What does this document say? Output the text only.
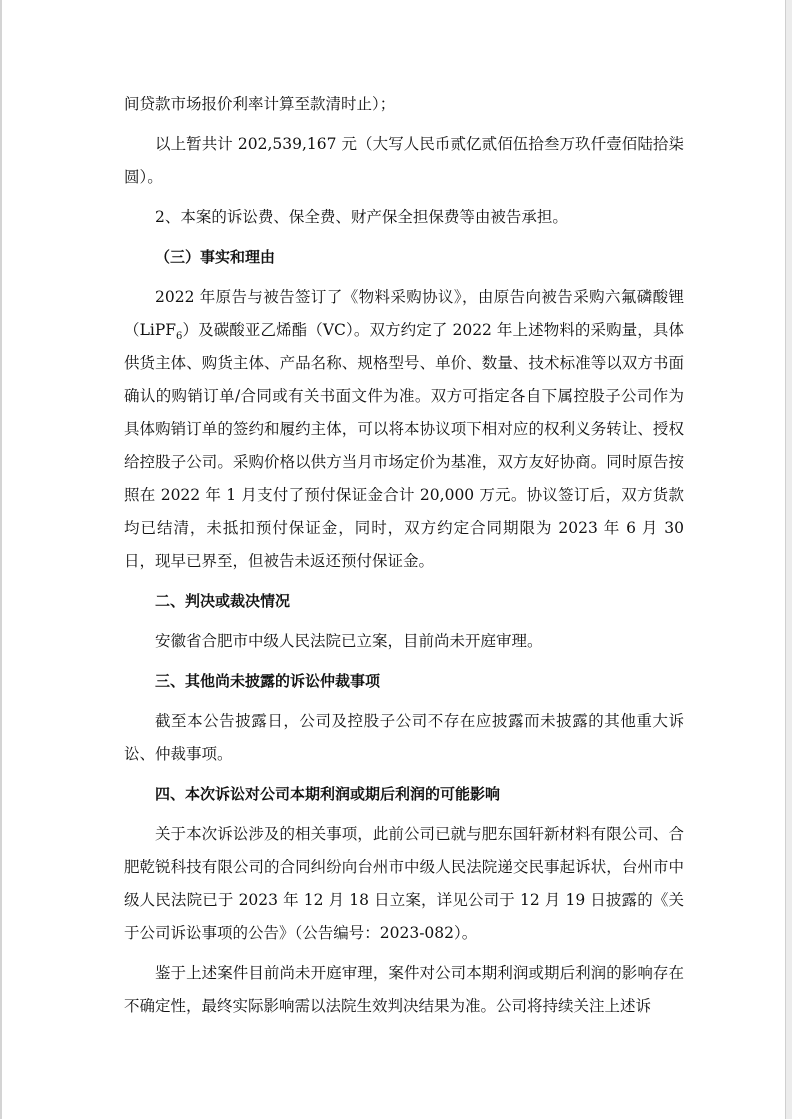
间贷款市场报价利率计算至款清时止）；

以上暂共计 202,539,167 元（大写人民币贰亿贰佰伍拾叁万玖仟壹佰陆拾柒圆）。

2、本案的诉讼费、保全费、财产保全担保费等由被告承担。

（三）事实和理由

2022 年原告与被告签订了《物料采购协议》，由原告向被告采购六氟磷酸锂（LiPF$_6$）及碳酸亚乙烯酯（VC）。双方约定了 2022 年上述物料的采购量，具体供货主体、购货主体、产品名称、规格型号、单价、数量、技术标准等以双方书面确认的购销订单/合同或有关书面文件为准。双方可指定各自下属控股子公司作为具体购销订单的签约和履约主体，可以将本协议项下相对应的权利义务转让、授权给控股子公司。采购价格以供方当月市场定价为基准，双方友好协商。同时原告按照在 2022 年 1 月支付了预付保证金合计 20,000 万元。协议签订后，双方货款均已结清，未抵扣预付保证金，同时，双方约定合同期限为 2023 年 6 月 30 日，现早已界至，但被告未返还预付保证金。

二、判决或裁决情况

安徽省合肥市中级人民法院已立案，目前尚未开庭审理。

三、其他尚未披露的诉讼仲裁事项

截至本公告披露日，公司及控股子公司不存在应披露而未披露的其他重大诉讼、仲裁事项。

四、本次诉讼对公司本期利润或期后利润的可能影响

关于本次诉讼涉及的相关事项，此前公司已就与肥东国轩新材料有限公司、合肥乾锐科技有限公司的合同纠纷向台州市中级人民法院递交民事起诉状，台州市中级人民法院已于 2023 年 12 月 18 日立案，详见公司于 12 月 19 日披露的《关于公司诉讼事项的公告》（公告编号：2023-082）。

鉴于上述案件目前尚未开庭审理，案件对公司本期利润或期后利润的影响存在不确定性，最终实际影响需以法院生效判决结果为准。公司将持续关注上述诉
